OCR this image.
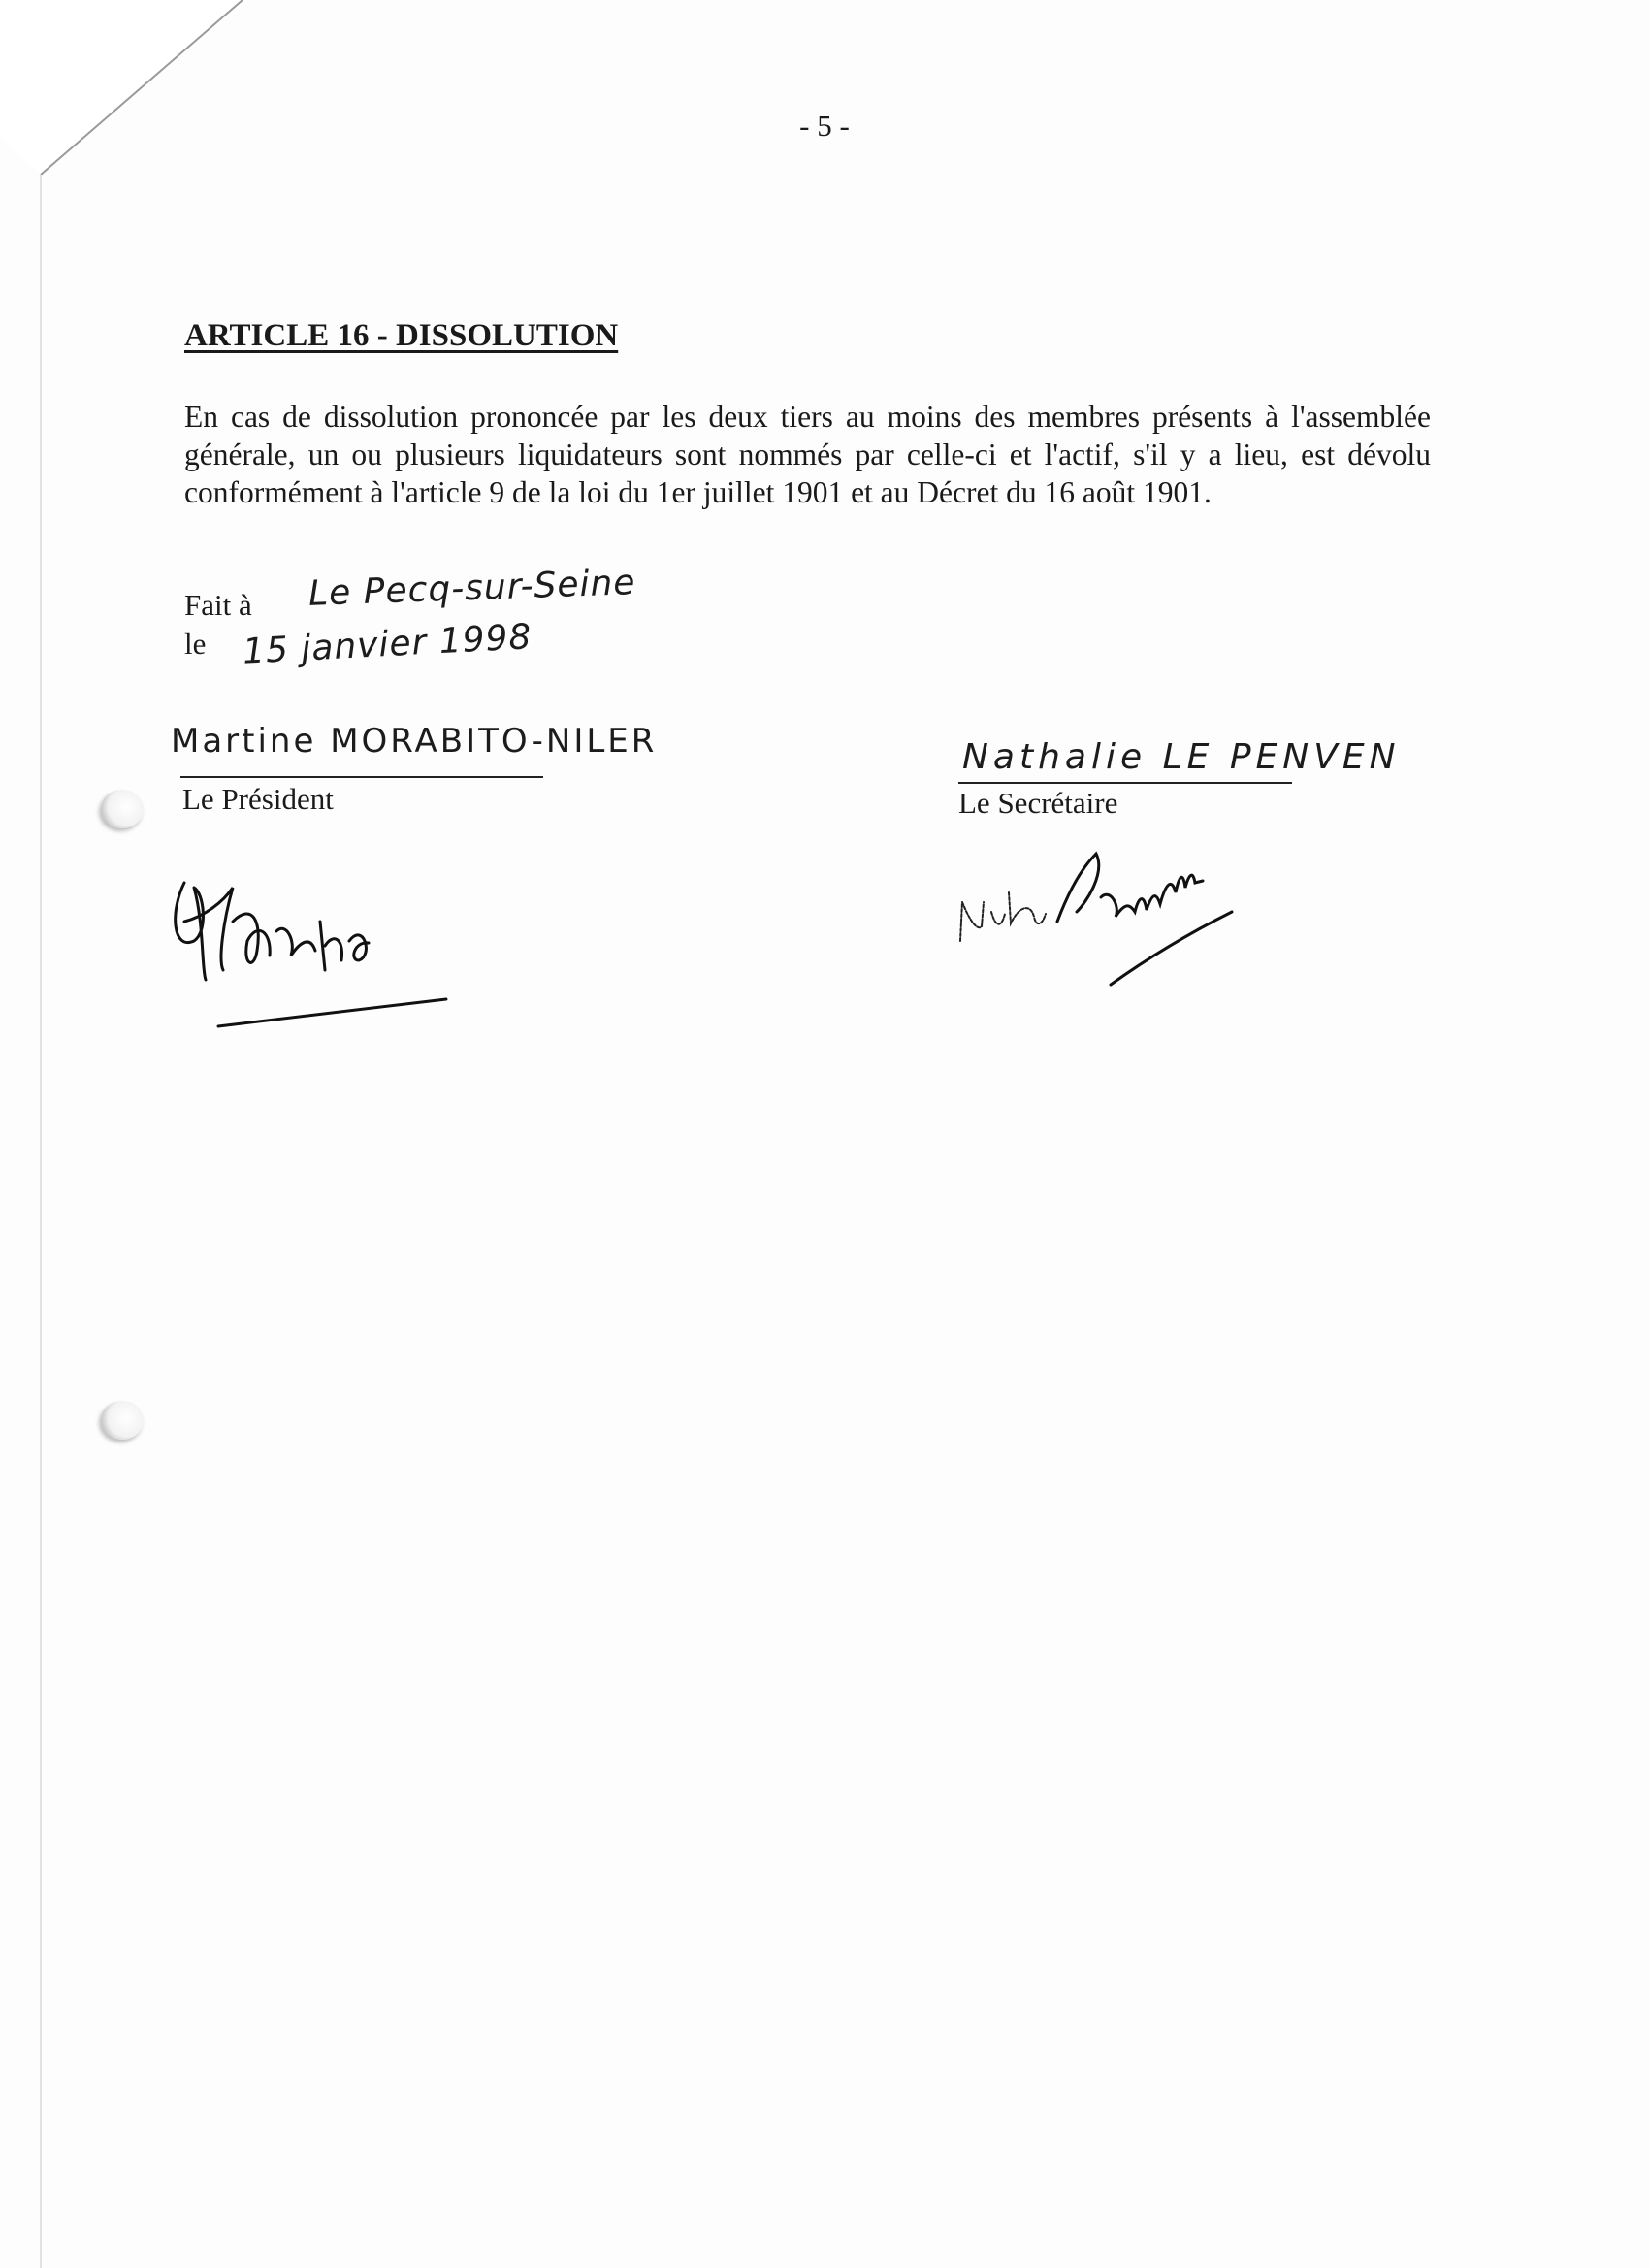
- 5 -
ARTICLE 16 - DISSOLUTION
En cas de dissolution prononcée par les deux tiers au moins des membres présents à l'assemblée générale, un ou plusieurs liquidateurs sont nommés par celle-ci et l'actif, s'il y a lieu, est dévolu conformément à l'article 9 de la loi du 1er juillet 1901 et au Décret du 16 août 1901.
Fait à Le Pecq-sur-Seine
le 15 janvier 1998
Martine MORABITO-NILER
Le Président
Nathalie LE PENVEN
Le Secrétaire
